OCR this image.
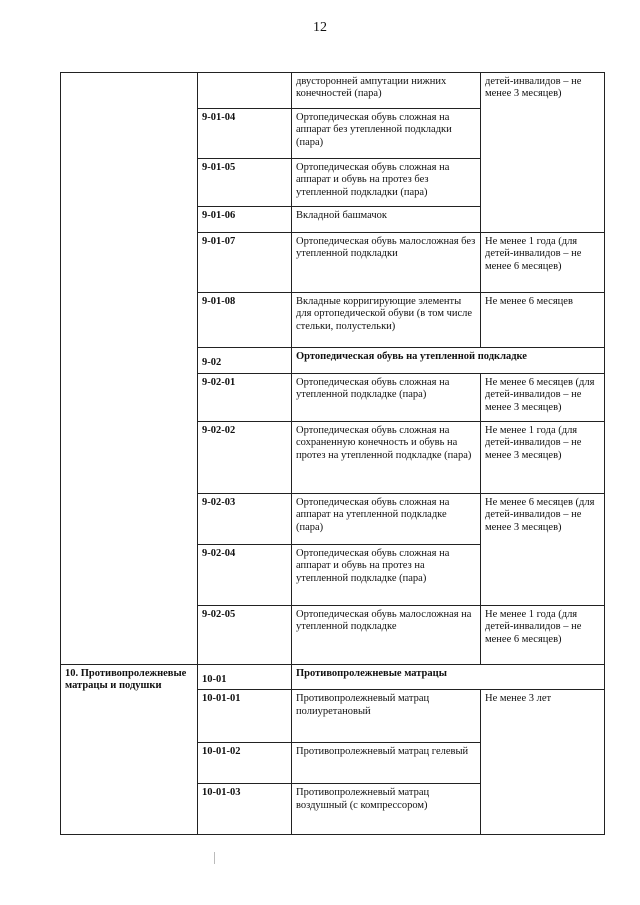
12
		двусторонней ампутации нижних конечностей (пара)	детей-инвалидов – не менее 3 месяцев)
	9-01-04	Ортопедическая обувь сложная на аппарат без утепленной подкладки (пара)	
	9-01-05	Ортопедическая обувь сложная на аппарат и обувь на протез без утепленной подкладки (пара)	
	9-01-06	Вкладной башмачок	
	9-01-07	Ортопедическая обувь малосложная без утепленной подкладки	Не менее 1 года (для детей-инвалидов – не менее 6 месяцев)
	9-01-08	Вкладные корригирующие элементы для ортопедической обуви (в том числе стельки, полустельки)	Не менее 6 месяцев
	9-02	Ортопедическая обувь на утепленной подкладке	
	9-02-01	Ортопедическая обувь сложная на утепленной подкладке (пара)	Не менее 6 месяцев (для детей-инвалидов – не менее 3 месяцев)
	9-02-02	Ортопедическая обувь сложная на сохраненную конечность и обувь на протез на утепленной подкладке (пара)	Не менее 1 года (для детей-инвалидов – не менее 3 месяцев)
	9-02-03	Ортопедическая обувь сложная на аппарат на утепленной подкладке (пара)	Не менее 6 месяцев (для детей-инвалидов – не менее 3 месяцев)
	9-02-04	Ортопедическая обувь сложная на аппарат и обувь на протез на утепленной подкладке (пара)	
	9-02-05	Ортопедическая обувь малосложная на утепленной подкладке	Не менее 1 года (для детей-инвалидов – не менее 6 месяцев)
10. Противопролежневые матрацы и подушки	10-01	Противопролежневые матрацы	
	10-01-01	Противопролежневый матрац полиуретановый	Не менее 3 лет
	10-01-02	Противопролежневый матрац гелевый	
	10-01-03	Противопролежневый матрац воздушный (с компрессором)	
